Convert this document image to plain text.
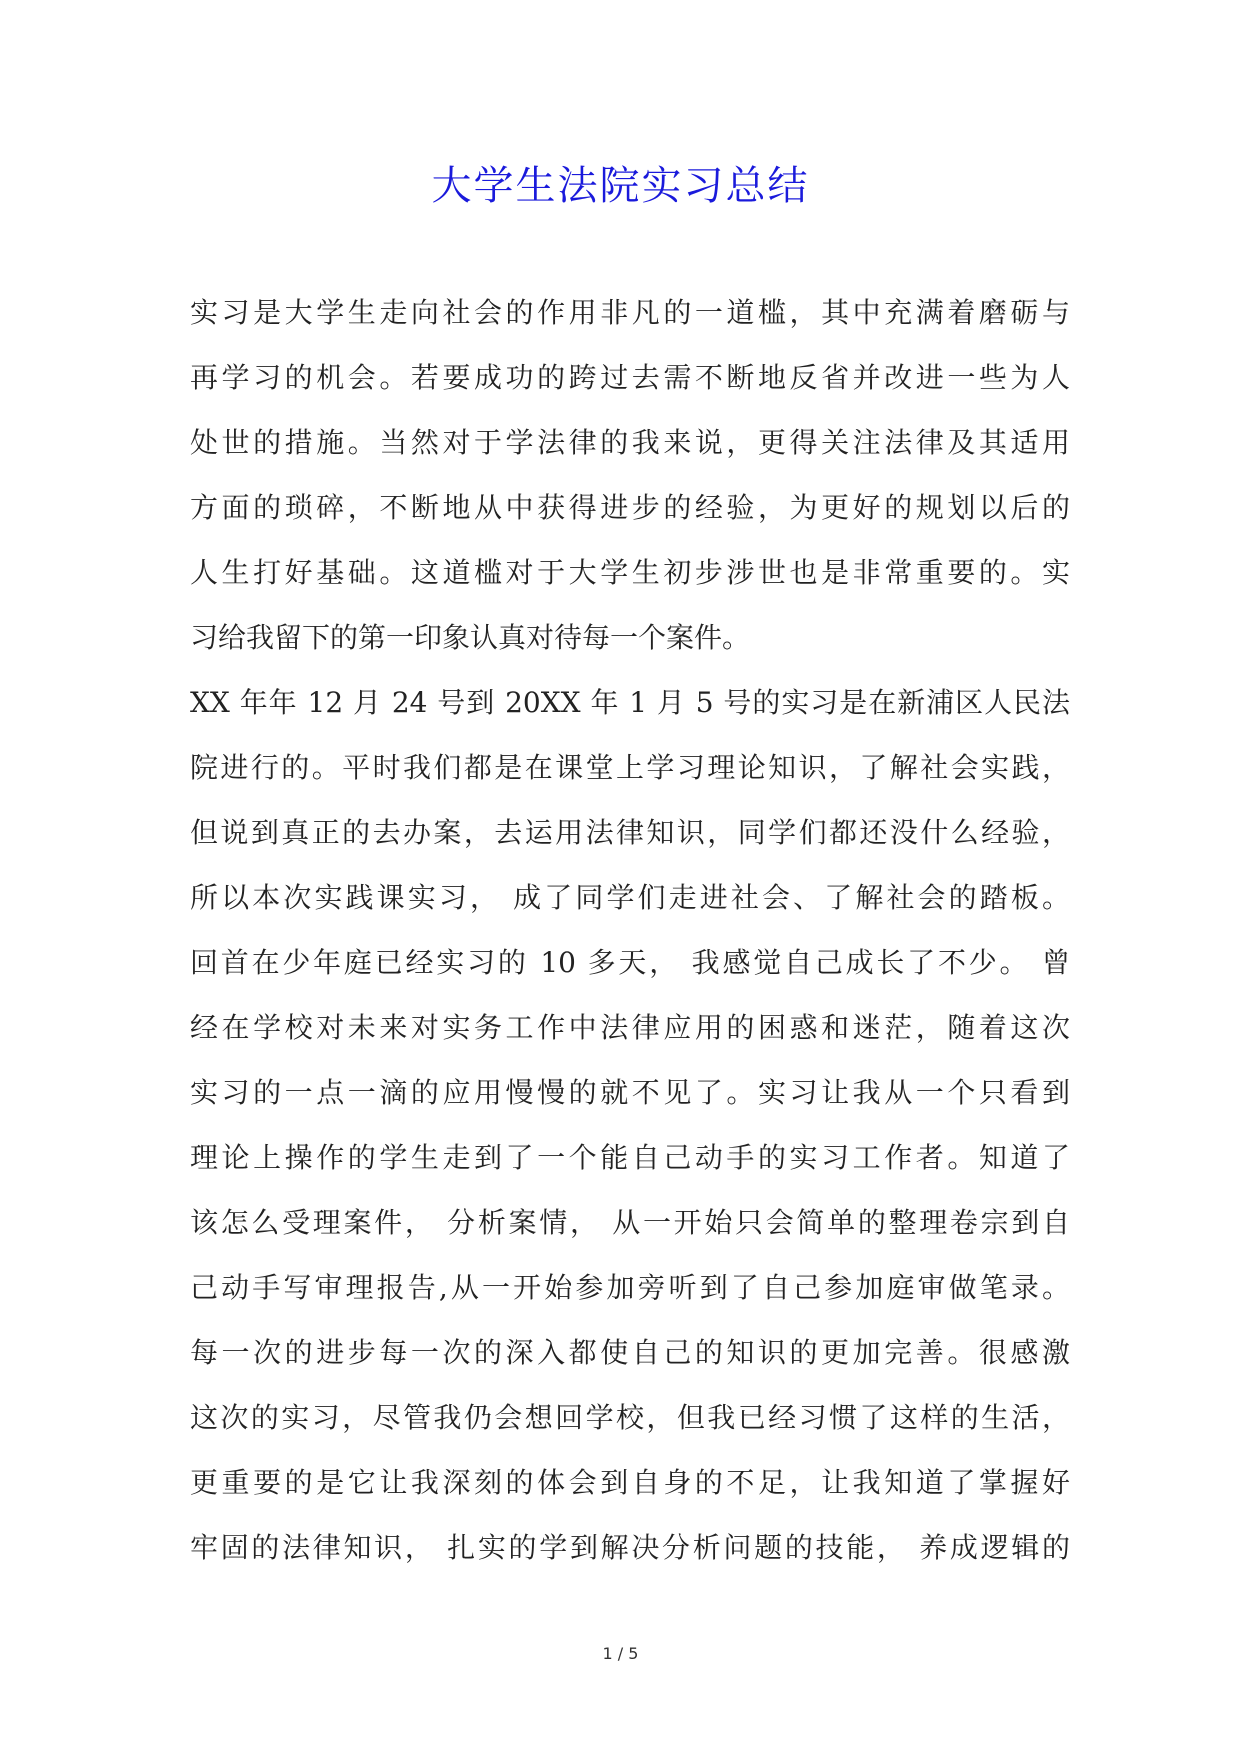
大学生法院实习总结
实习是大学生走向社会的作用非凡的一道槛，其中充满着磨砺与
再学习的机会。若要成功的跨过去需不断地反省并改进一些为人
处世的措施。当然对于学法律的我来说，更得关注法律及其适用
方面的琐碎，不断地从中获得进步的经验，为更好的规划以后的
人生打好基础。这道槛对于大学生初步涉世也是非常重要的。实
习给我留下的第一印象认真对待每一个案件。
XX 年年 12 月 24 号到 20XX 年 1 月 5 号的实习是在新浦区人民法
院进行的。平时我们都是在课堂上学习理论知识，了解社会实践，
但说到真正的去办案，去运用法律知识，同学们都还没什么经验，
所以本次实践课实习， 成了同学们走进社会、了解社会的踏板。
回首在少年庭已经实习的 10 多天， 我感觉自己成长了不少。 曾
经在学校对未来对实务工作中法律应用的困惑和迷茫，随着这次
实习的一点一滴的应用慢慢的就不见了。实习让我从一个只看到
理论上操作的学生走到了一个能自己动手的实习工作者。知道了
该怎么受理案件， 分析案情， 从一开始只会简单的整理卷宗到自
己动手写审理报告,从一开始参加旁听到了自己参加庭审做笔录。
每一次的进步每一次的深入都使自己的知识的更加完善。很感激
这次的实习，尽管我仍会想回学校，但我已经习惯了这样的生活，
更重要的是它让我深刻的体会到自身的不足，让我知道了掌握好
牢固的法律知识， 扎实的学到解决分析问题的技能， 养成逻辑的
1 / 5
